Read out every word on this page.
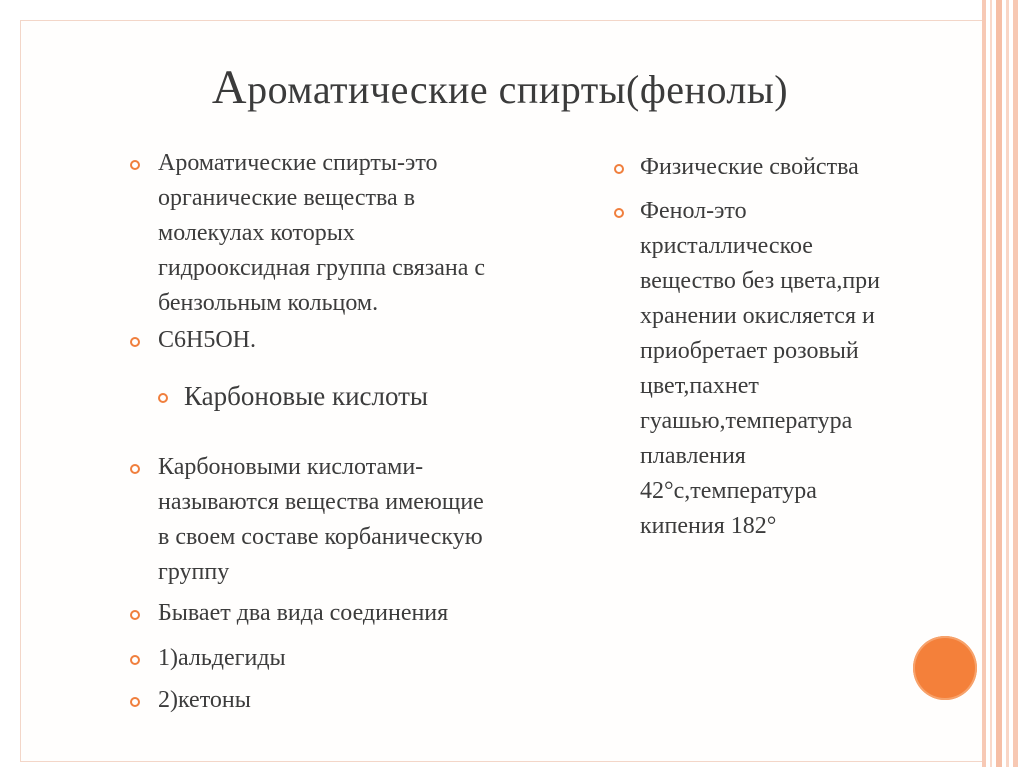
Ароматические спирты(фенолы)
Ароматические спирты-это
органические вещества в
молекулах которых
гидрооксидная группа связана с
бензольным кольцом.
C6H5OH.
Карбоновые кислоты
Карбоновыми кислотами-
называются вещества имеющие
в своем составе корбаническую
группу
Бывает два вида соединения
1)альдегиды
2)кетоны
Физические свойства
Фенол-это
кристаллическое
вещество без цвета,при
хранении окисляется и
приобретает розовый
цвет,пахнет
гуашью,температура
плавления
42°c,температура
кипения 182°
